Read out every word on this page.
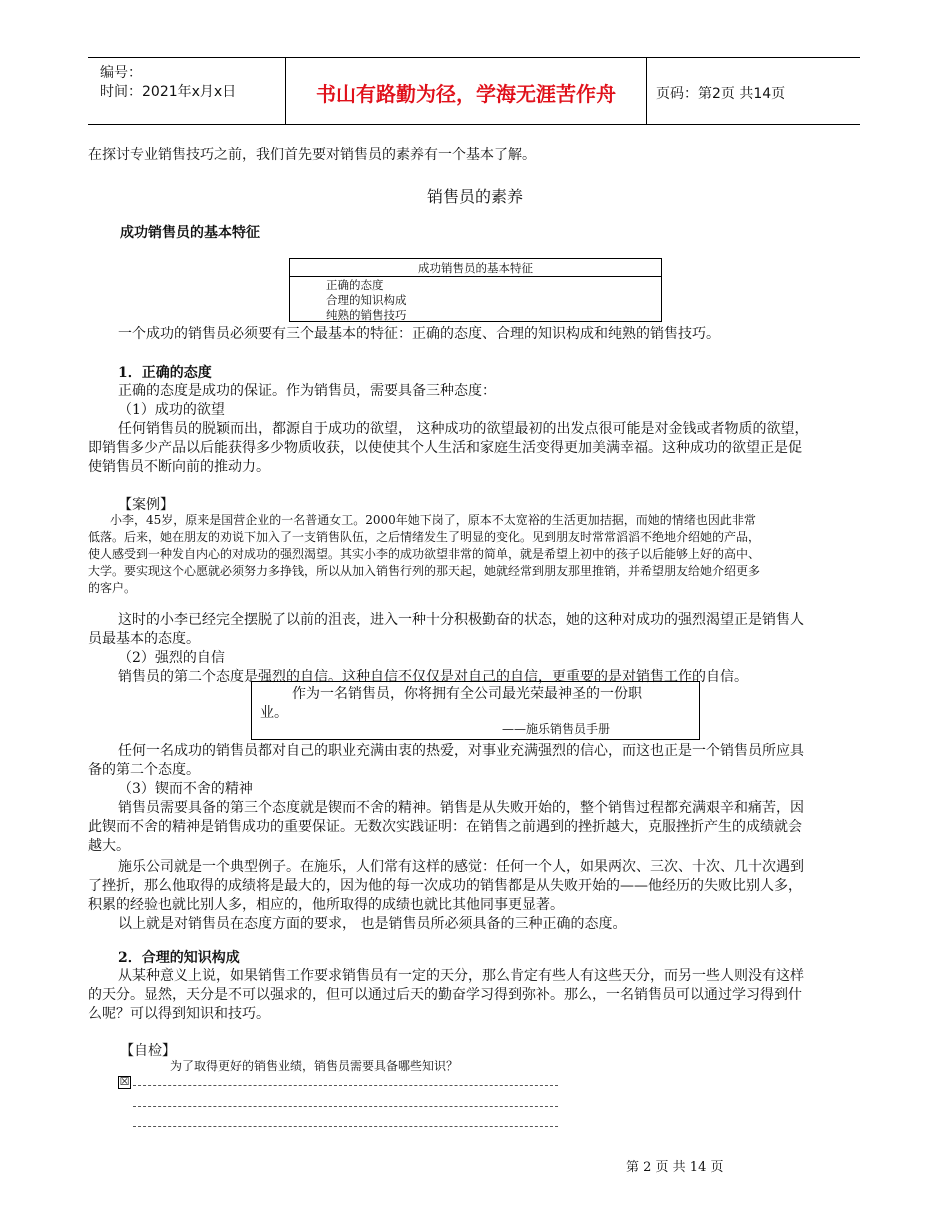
编号：
时间：2021年x月x日	书山有路勤为径，学海无涯苦作舟	页码：第2页 共14页
在探讨专业销售技巧之前，我们首先要对销售员的素养有一个基本了解。
销售员的素养
成功销售员的基本特征
成功销售员的基本特征
正确的态度
合理的知识构成
纯熟的销售技巧
一个成功的销售员必须要有三个最基本的特征：正确的态度、合理的知识构成和纯熟的销售技巧。
1．正确的态度
正确的态度是成功的保证。作为销售员，需要具备三种态度：
（1）成功的欲望
任何销售员的脱颖而出，都源自于成功的欲望， 这种成功的欲望最初的出发点很可能是对金钱或者物质的欲望，
即销售多少产品以后能获得多少物质收获，以使使其个人生活和家庭生活变得更加美满幸福。这种成功的欲望正是促
使销售员不断向前的推动力。
【案例】
小李，45岁，原来是国营企业的一名普通女工。2000年她下岗了，原本不太宽裕的生活更加拮据，而她的情绪也因此非常
低落。后来，她在朋友的劝说下加入了一支销售队伍，之后情绪发生了明显的变化。见到朋友时常常滔滔不绝地介绍她的产品，
使人感受到一种发自内心的对成功的强烈渴望。其实小李的成功欲望非常的简单，就是希望上初中的孩子以后能够上好的高中、
大学。要实现这个心愿就必须努力多挣钱，所以从加入销售行列的那天起，她就经常到朋友那里推销，并希望朋友给她介绍更多
的客户。
这时的小李已经完全摆脱了以前的沮丧，进入一种十分积极勤奋的状态，她的这种对成功的强烈渴望正是销售人
员最基本的态度。
（2）强烈的自信
销售员的第二个态度是强烈的自信。这种自信不仅仅是对自己的自信，更重要的是对销售工作的自信。
作为一名销售员，你将拥有全公司最光荣最神圣的一份职
业。
——施乐销售员手册
任何一名成功的销售员都对自己的职业充满由衷的热爱，对事业充满强烈的信心，而这也正是一个销售员所应具
备的第二个态度。
（3）锲而不舍的精神
销售员需要具备的第三个态度就是锲而不舍的精神。销售是从失败开始的，整个销售过程都充满艰辛和痛苦，因
此锲而不舍的精神是销售成功的重要保证。无数次实践证明：在销售之前遇到的挫折越大，克服挫折产生的成绩就会
越大。
施乐公司就是一个典型例子。在施乐，人们常有这样的感觉：任何一个人，如果两次、三次、十次、几十次遇到
了挫折，那么他取得的成绩将是最大的，因为他的每一次成功的销售都是从失败开始的——他经历的失败比别人多，
积累的经验也就比别人多，相应的，他所取得的成绩也就比其他同事更显著。
以上就是对销售员在态度方面的要求， 也是销售员所必须具备的三种正确的态度。
2．合理的知识构成
从某种意义上说，如果销售工作要求销售员有一定的天分，那么肯定有些人有这些天分，而另一些人则没有这样
的天分。显然，天分是不可以强求的，但可以通过后天的勤奋学习得到弥补。那么，一名销售员可以通过学习得到什
么呢？可以得到知识和技巧。
【自检】
为了取得更好的销售业绩，销售员需要具备哪些知识？
☒
第 2 页 共 14 页
